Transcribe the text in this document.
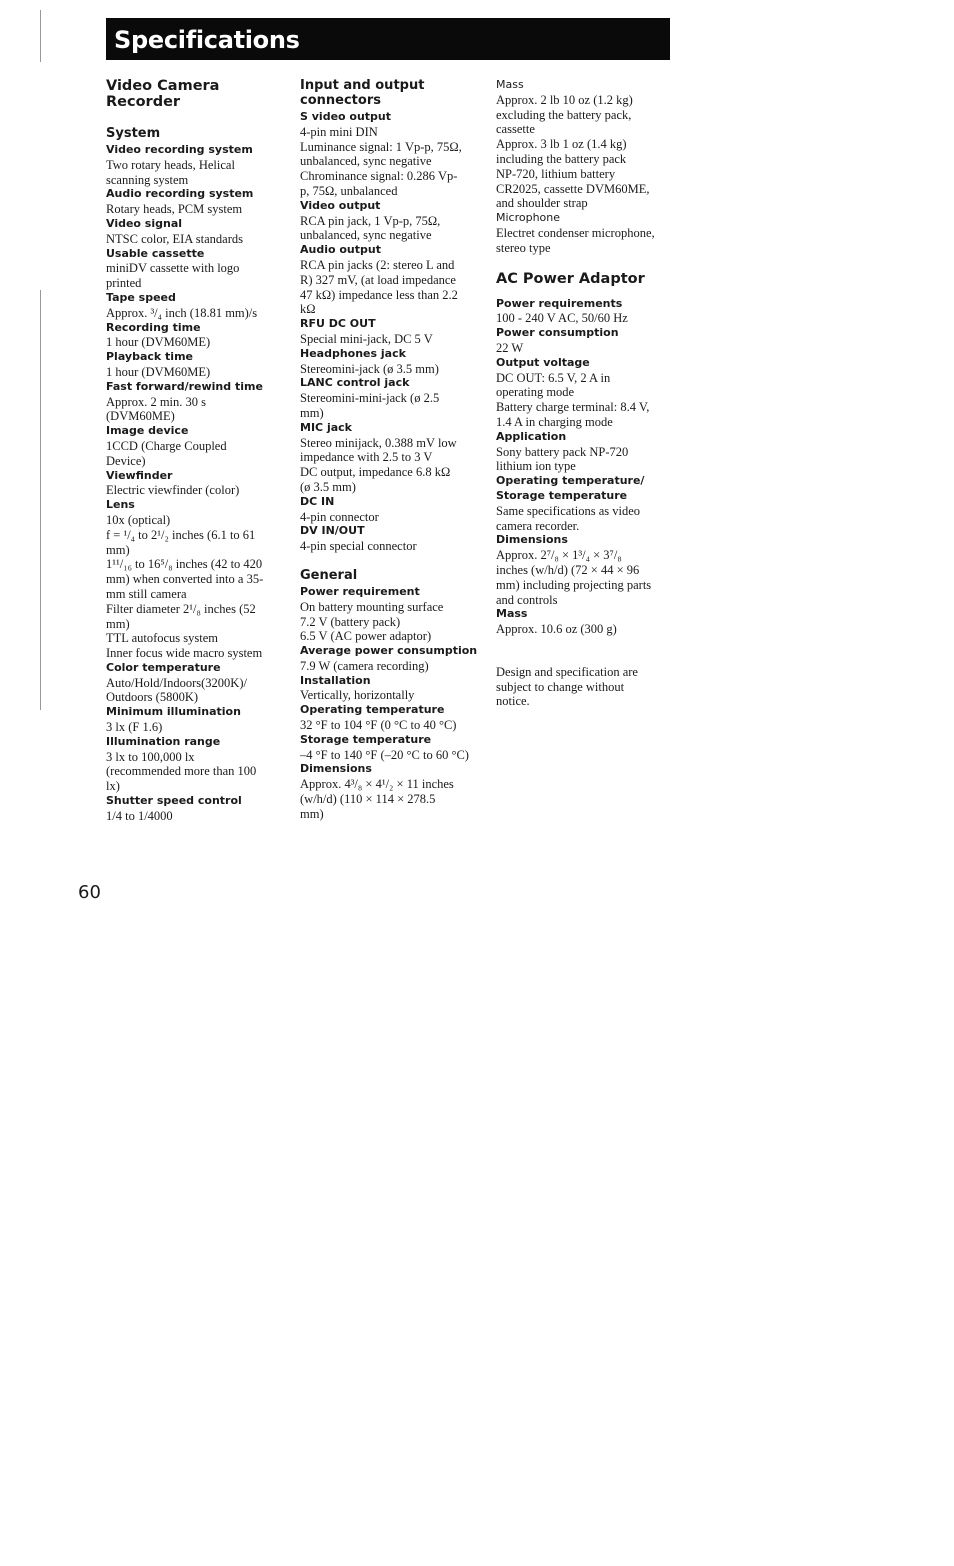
Specifications
Video Camera
Recorder
System
Video recording system
Two rotary heads, Helical
scanning system
Audio recording system
Rotary heads, PCM system
Video signal
NTSC color, EIA standards
Usable cassette
miniDV cassette with logo
printed
Tape speed
Approx. ³/₄ inch (18.81 mm)/s
Recording time
1 hour (DVM60ME)
Playback time
1 hour (DVM60ME)
Fast forward/rewind time
Approx. 2 min. 30 s
(DVM60ME)
Image device
1CCD (Charge Coupled
Device)
Viewfinder
Electric viewfinder (color)
Lens
10x (optical)
f = ¹/₄ to 2¹/₂ inches (6.1 to 61
mm)
1¹¹/₁₆ to 16⁵/₈ inches (42 to 420
mm) when converted into a 35-
mm still camera
Filter diameter 2¹/₈ inches (52
mm)
TTL autofocus system
Inner focus wide macro system
Color temperature
Auto/Hold/Indoors(3200K)/
Outdoors (5800K)
Minimum illumination
3 lx (F 1.6)
Illumination range
3 lx to 100,000 lx
(recommended more than 100
lx)
Shutter speed control
1/4 to 1/4000
Input and output
connectors
S video output
4-pin mini DIN
Luminance signal: 1 Vp-p, 75Ω,
unbalanced, sync negative
Chrominance signal: 0.286 Vp-
p, 75Ω, unbalanced
Video output
RCA pin jack, 1 Vp-p, 75Ω,
unbalanced, sync negative
Audio output
RCA pin jacks (2: stereo L and
R) 327 mV, (at load impedance
47 kΩ) impedance less than 2.2
kΩ
RFU DC OUT
Special mini-jack, DC 5 V
Headphones jack
Stereomini-jack (ø 3.5 mm)
LANC control jack
Stereomini-mini-jack (ø 2.5
mm)
MIC jack
Stereo minijack, 0.388 mV low
impedance with 2.5 to 3 V
DC output, impedance 6.8 kΩ
(ø 3.5 mm)
DC IN
4-pin connector
DV IN/OUT
4-pin special connector
General
Power requirement
On battery mounting surface
7.2 V (battery pack)
6.5 V (AC power adaptor)
Average power consumption
7.9 W (camera recording)
Installation
Vertically, horizontally
Operating temperature
32 °F to 104 °F (0 °C to 40 °C)
Storage temperature
–4 °F to 140 °F (–20 °C to 60 °C)
Dimensions
Approx. 4³/₈ × 4¹/₂ × 11 inches
(w/h/d) (110 × 114 × 278.5
mm)
Mass
Approx. 2 lb 10 oz (1.2 kg)
excluding the battery pack,
cassette
Approx. 3 lb 1 oz (1.4 kg)
including the battery pack
NP-720, lithium battery
CR2025, cassette DVM60ME,
and shoulder strap
Microphone
Electret condenser microphone,
stereo type
AC Power Adaptor
Power requirements
100 - 240 V AC, 50/60 Hz
Power consumption
22 W
Output voltage
DC OUT: 6.5 V, 2 A in
operating mode
Battery charge terminal: 8.4 V,
1.4 A in charging mode
Application
Sony battery pack NP-720
lithium ion type
Operating temperature/
Storage temperature
Same specifications as video
camera recorder.
Dimensions
Approx. 2⁷/₈ × 1³/₄ × 3⁷/₈
inches (w/h/d) (72 × 44 × 96
mm) including projecting parts
and controls
Mass
Approx. 10.6 oz (300 g)
Design and specification are
subject to change without
notice.
60
